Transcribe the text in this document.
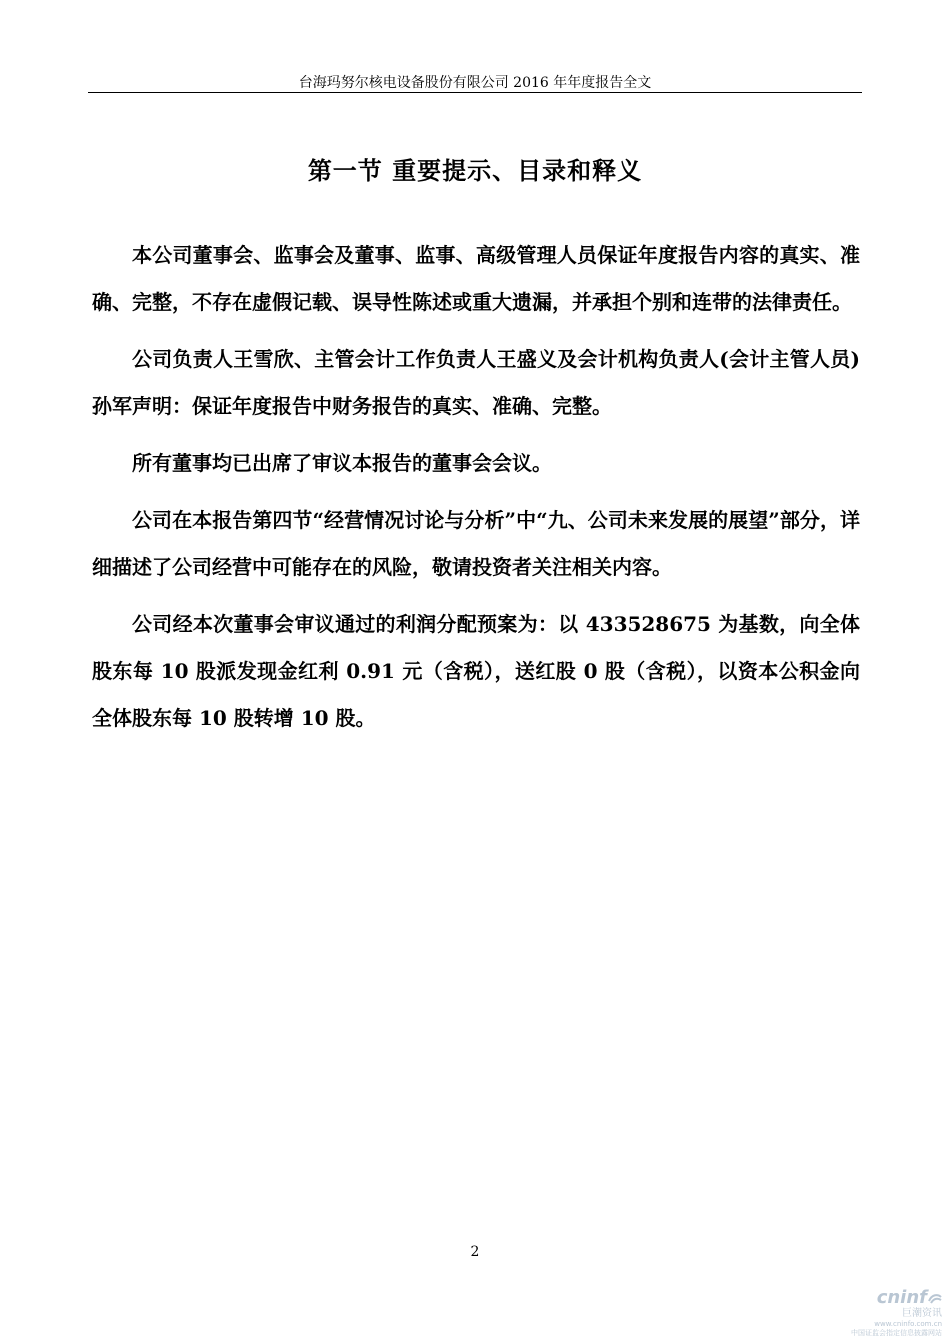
台海玛努尔核电设备股份有限公司 2016 年年度报告全文
第一节 重要提示、目录和释义

本公司董事会、监事会及董事、监事、高级管理人员保证年度报告内容的真实、准确、完整，不存在虚假记载、误导性陈述或重大遗漏，并承担个别和连带的法律责任。

公司负责人王雪欣、主管会计工作负责人王盛义及会计机构负责人(会计主管人员)孙军声明：保证年度报告中财务报告的真实、准确、完整。

所有董事均已出席了审议本报告的董事会会议。

公司在本报告第四节“经营情况讨论与分析”中“九、公司未来发展的展望”部分，详细描述了公司经营中可能存在的风险，敬请投资者关注相关内容。

公司经本次董事会审议通过的利润分配预案为：以 433528675 为基数，向全体股东每 10 股派发现金红利 0.91 元（含税），送红股 0 股（含税），以资本公积金向全体股东每 10 股转增 10 股。

2
cninf
巨潮资讯
www.cninfo.com.cn
中国证监会指定信息披露网站
